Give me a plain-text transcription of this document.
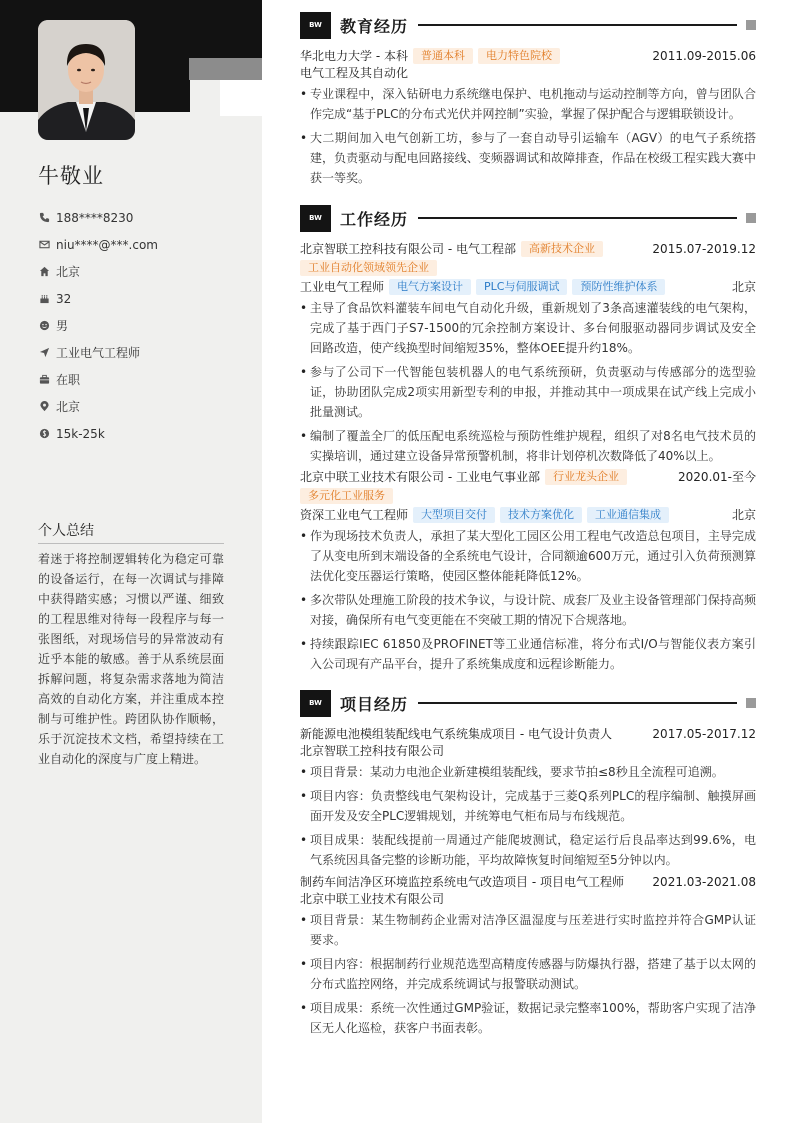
牛敬业
188****8230
niu****@***.com
北京
32
男
工业电气工程师
在职
北京
15k-25k
个人总结
着迷于将控制逻辑转化为稳定可靠的设备运行，在每一次调试与排障中获得踏实感；习惯以严谨、细致的工程思维对待每一段程序与每一张图纸，对现场信号的异常波动有近乎本能的敏感。善于从系统层面拆解问题，将复杂需求落地为简洁高效的自动化方案，并注重成本控制与可维护性。跨团队协作顺畅，乐于沉淀技术文档，希望持续在工业自动化的深度与广度上精进。
BW	教育经历
华北电力大学 - 本科	普通本科	电力特色院校	2011.09-2015.06
电气工程及其自动化
• 专业课程中，深入钻研电力系统继电保护、电机拖动与运动控制等方向，曾与团队合作完成“基于PLC的分布式光伏并网控制”实验，掌握了保护配合与逻辑联锁设计。
• 大二期间加入电气创新工坊，参与了一套自动导引运输车（AGV）的电气子系统搭建，负责驱动与配电回路接线、变频器调试和故障排查，作品在校级工程实践大赛中获一等奖。
BW	工作经历
北京智联工控科技有限公司 - 电气工程部	高新技术企业	2015.07-2019.12
工业自动化领域领先企业
工业电气工程师	电气方案设计	PLC与伺服调试	预防性维护体系	北京
• 主导了食品饮料灌装车间电气自动化升级，重新规划了3条高速灌装线的电气架构，完成了基于西门子S7-1500的冗余控制方案设计、多台伺服驱动器同步调试及安全回路改造，使产线换型时间缩短35%，整体OEE提升约18%。
• 参与了公司下一代智能包装机器人的电气系统预研，负责驱动与传感部分的选型验证，协助团队完成2项实用新型专利的申报，并推动其中一项成果在试产线上完成小批量测试。
• 编制了覆盖全厂的低压配电系统巡检与预防性维护规程，组织了对8名电气技术员的实操培训，通过建立设备异常预警机制，将非计划停机次数降低了40%以上。
北京中联工业技术有限公司 - 工业电气事业部	行业龙头企业	2020.01-至今
多元化工业服务
资深工业电气工程师	大型项目交付	技术方案优化	工业通信集成	北京
• 作为现场技术负责人，承担了某大型化工园区公用工程电气改造总包项目，主导完成了从变电所到末端设备的全系统电气设计，合同额逾600万元，通过引入负荷预测算法优化变压器运行策略，使园区整体能耗降低12%。
• 多次带队处理施工阶段的技术争议，与设计院、成套厂及业主设备管理部门保持高频对接，确保所有电气变更能在不突破工期的情况下合规落地。
• 持续跟踪IEC 61850及PROFINET等工业通信标准，将分布式I/O与智能仪表方案引入公司现有产品平台，提升了系统集成度和远程诊断能力。
BW	项目经历
新能源电池模组装配线电气系统集成项目 - 电气设计负责人	2017.05-2017.12
北京智联工控科技有限公司
• 项目背景：某动力电池企业新建模组装配线，要求节拍≤8秒且全流程可追溯。
• 项目内容：负责整线电气架构设计，完成基于三菱Q系列PLC的程序编制、触摸屏画面开发及安全PLC逻辑规划，并统筹电气柜布局与布线规范。
• 项目成果：装配线提前一周通过产能爬坡测试，稳定运行后良品率达到99.6%，电气系统因具备完整的诊断功能，平均故障恢复时间缩短至5分钟以内。
制药车间洁净区环境监控系统电气改造项目 - 项目电气工程师 2021.03-2021.08
北京中联工业技术有限公司
• 项目背景：某生物制药企业需对洁净区温湿度与压差进行实时监控并符合GMP认证要求。
• 项目内容：根据制药行业规范选型高精度传感器与防爆执行器，搭建了基于以太网的分布式监控网络，并完成系统调试与报警联动测试。
• 项目成果：系统一次性通过GMP验证，数据记录完整率100%，帮助客户实现了洁净区无人化巡检，获客户书面表彰。
